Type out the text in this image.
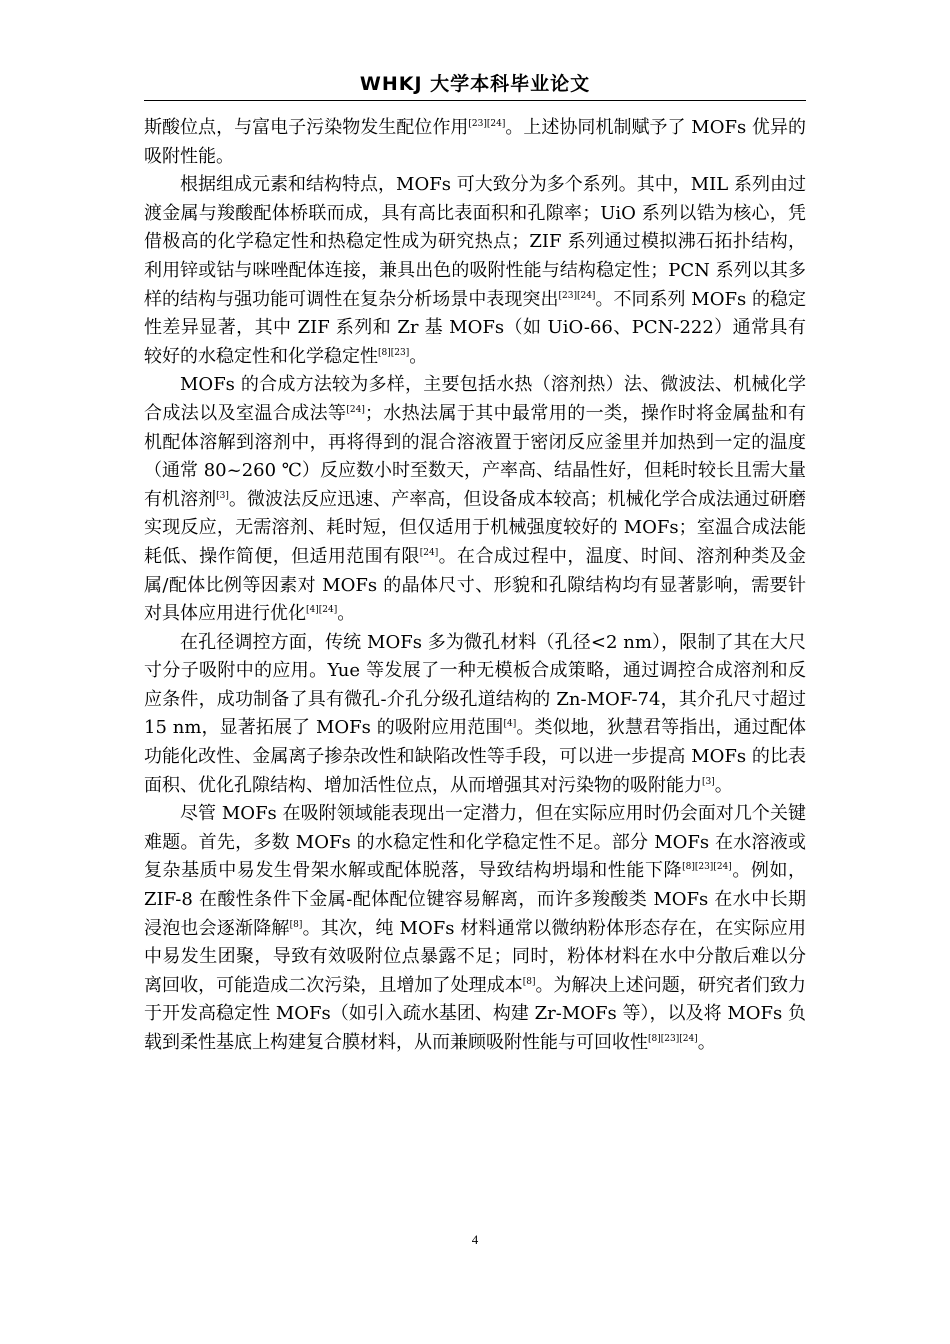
WHKJ 大学本科毕业论文

斯酸位点，与富电子污染物发生配位作用[23][24]。上述协同机制赋予了 MOFs 优异的吸附性能。

根据组成元素和结构特点，MOFs 可大致分为多个系列。其中，MIL 系列由过渡金属与羧酸配体桥联而成，具有高比表面积和孔隙率；UiO 系列以锆为核心，凭借极高的化学稳定性和热稳定性成为研究热点；ZIF 系列通过模拟沸石拓扑结构，利用锌或钴与咪唑配体连接，兼具出色的吸附性能与结构稳定性；PCN 系列以其多样的结构与强功能可调性在复杂分析场景中表现突出[23][24]。不同系列 MOFs 的稳定性差异显著，其中 ZIF 系列和 Zr 基 MOFs（如 UiO-66、PCN-222）通常具有较好的水稳定性和化学稳定性[8][23]。

MOFs 的合成方法较为多样，主要包括水热（溶剂热）法、微波法、机械化学合成法以及室温合成法等[24]；水热法属于其中最常用的一类，操作时将金属盐和有机配体溶解到溶剂中，再将得到的混合溶液置于密闭反应釜里并加热到一定的温度（通常 80~260 ℃）反应数小时至数天，产率高、结晶性好，但耗时较长且需大量有机溶剂[3]。微波法反应迅速、产率高，但设备成本较高；机械化学合成法通过研磨实现反应，无需溶剂、耗时短，但仅适用于机械强度较好的 MOFs；室温合成法能耗低、操作简便，但适用范围有限[24]。在合成过程中，温度、时间、溶剂种类及金属/配体比例等因素对 MOFs 的晶体尺寸、形貌和孔隙结构均有显著影响，需要针对具体应用进行优化[4][24]。

在孔径调控方面，传统 MOFs 多为微孔材料（孔径<2 nm），限制了其在大尺寸分子吸附中的应用。Yue 等发展了一种无模板合成策略，通过调控合成溶剂和反应条件，成功制备了具有微孔-介孔分级孔道结构的 Zn-MOF-74，其介孔尺寸超过 15 nm，显著拓展了 MOFs 的吸附应用范围[4]。类似地，狄慧君等指出，通过配体功能化改性、金属离子掺杂改性和缺陷改性等手段，可以进一步提高 MOFs 的比表面积、优化孔隙结构、增加活性位点，从而增强其对污染物的吸附能力[3]。

尽管 MOFs 在吸附领域能表现出一定潜力，但在实际应用时仍会面对几个关键难题。首先，多数 MOFs 的水稳定性和化学稳定性不足。部分 MOFs 在水溶液或复杂基质中易发生骨架水解或配体脱落，导致结构坍塌和性能下降[8][23][24]。例如，ZIF-8 在酸性条件下金属-配体配位键容易解离，而许多羧酸类 MOFs 在水中长期浸泡也会逐渐降解[8]。其次，纯 MOFs 材料通常以微纳粉体形态存在，在实际应用中易发生团聚，导致有效吸附位点暴露不足；同时，粉体材料在水中分散后难以分离回收，可能造成二次污染，且增加了处理成本[8]。为解决上述问题，研究者们致力于开发高稳定性 MOFs（如引入疏水基团、构建 Zr-MOFs 等），以及将 MOFs 负载到柔性基底上构建复合膜材料，从而兼顾吸附性能与可回收性[8][23][24]。

4
